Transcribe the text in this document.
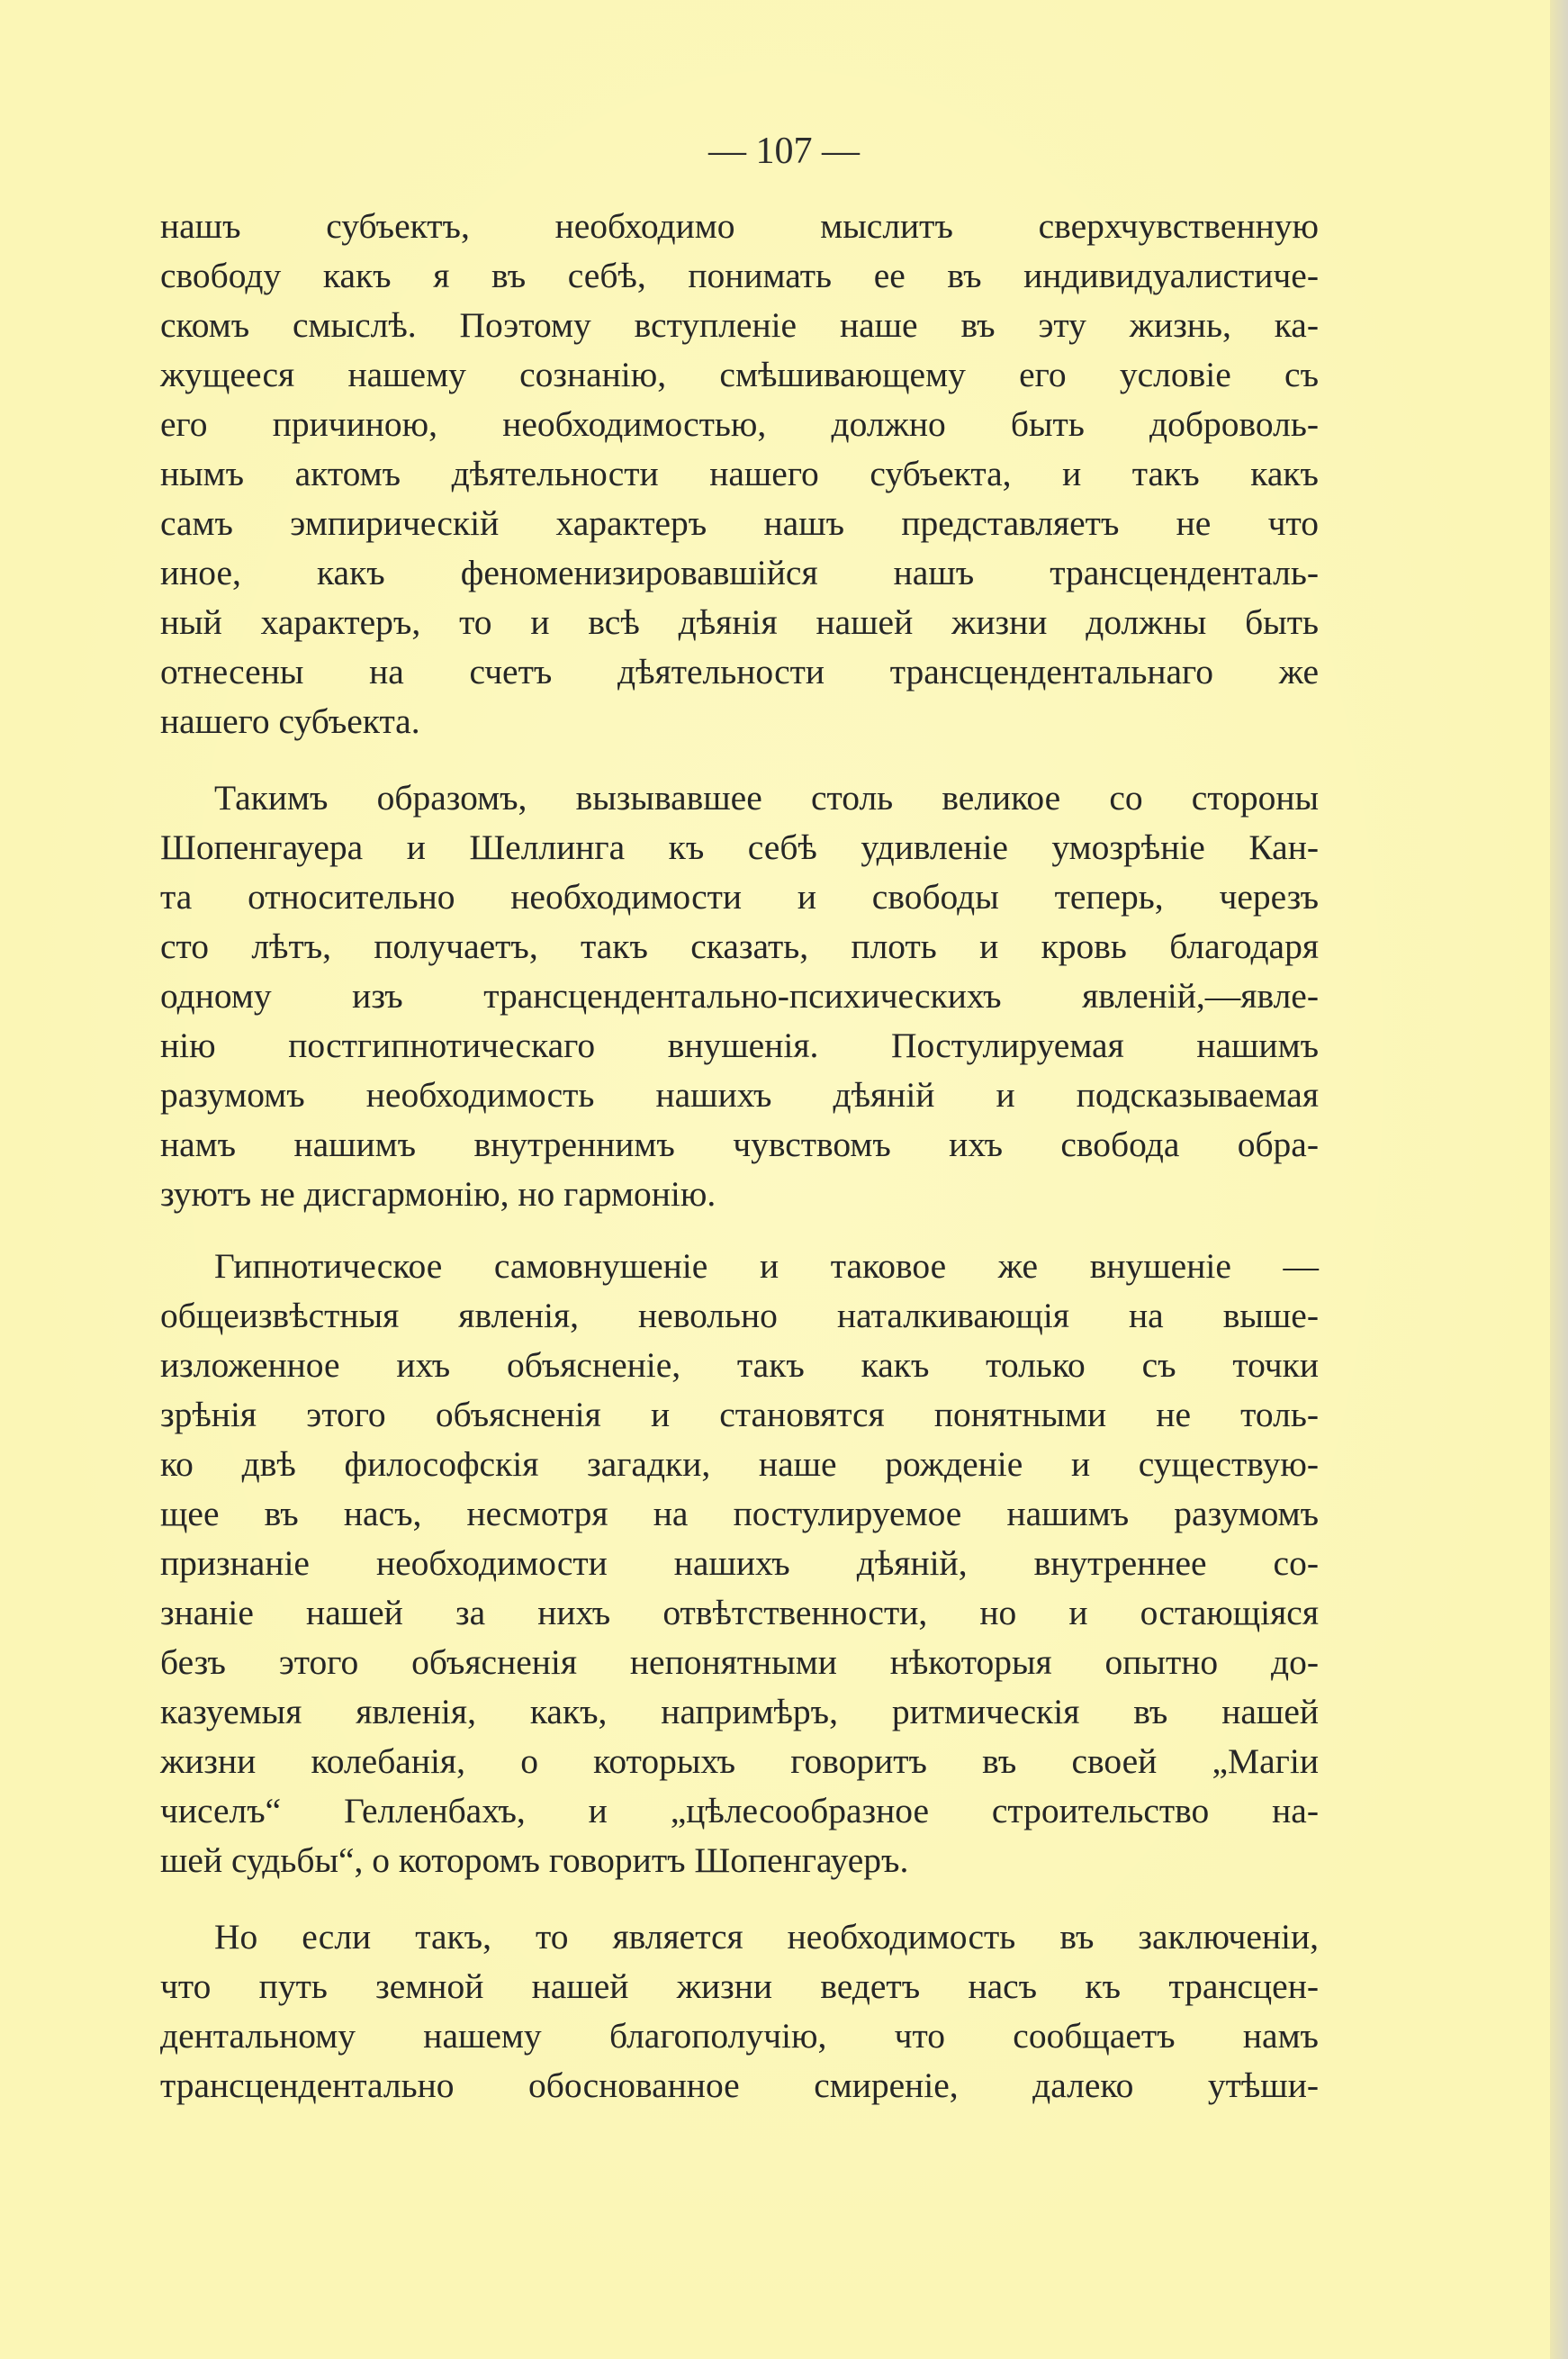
— 107 —
нашъ субъектъ, необходимо мыслитъ сверхчувственную
свободу какъ я въ себѣ, понимать ее въ индивидуалистиче-
скомъ смыслѣ. Поэтому вступленіе наше въ эту жизнь, ка-
жущееся нашему сознанію, смѣшивающему его условіе съ
его причиною, необходимостью, должно быть доброволь-
нымъ актомъ дѣятельности нашего субъекта, и такъ какъ
самъ эмпирическій характеръ нашъ представляетъ не что
иное, какъ феноменизировавшійся нашъ трансценденталь-
ный характеръ, то и всѣ дѣянія нашей жизни должны быть
отнесены на счетъ дѣятельности трансцендентальнаго же
нашего субъекта.
Такимъ образомъ, вызывавшее столь великое со стороны
Шопенгауера и Шеллинга къ себѣ удивленіе умозрѣніе Кан-
та относительно необходимости и свободы теперь, черезъ
сто лѣтъ, получаетъ, такъ сказать, плоть и кровь благодаря
одному изъ трансцендентально-психическихъ явленій,—явле-
нію постгипнотическаго внушенія. Постулируемая нашимъ
разумомъ необходимость нашихъ дѣяній и подсказываемая
намъ нашимъ внутреннимъ чувствомъ ихъ свобода обра-
зуютъ не дисгармонію, но гармонію.
Гипнотическое самовнушеніе и таковое же внушеніе —
общеизвѣстныя явленія, невольно наталкивающія на выше-
изложенное ихъ объясненіе, такъ какъ только съ точки
зрѣнія этого объясненія и становятся понятными не толь-
ко двѣ философскія загадки, наше рожденіе и существую-
щее въ насъ, несмотря на постулируемое нашимъ разумомъ
признаніе необходимости нашихъ дѣяній, внутреннее со-
знаніе нашей за нихъ отвѣтственности, но и остающіяся
безъ этого объясненія непонятными нѣкоторыя опытно до-
казуемыя явленія, какъ, напримѣръ, ритмическія въ нашей
жизни колебанія, о которыхъ говоритъ въ своей „Магіи
чиселъ“ Гелленбахъ, и „цѣлесообразное строительство на-
шей судьбы“, о которомъ говоритъ Шопенгауеръ.
Но если такъ, то является необходимость въ заключеніи,
что путь земной нашей жизни ведетъ насъ къ трансцен-
дентальному нашему благополучію, что сообщаетъ намъ
трансцендентально обоснованное смиреніе, далеко утѣши-
